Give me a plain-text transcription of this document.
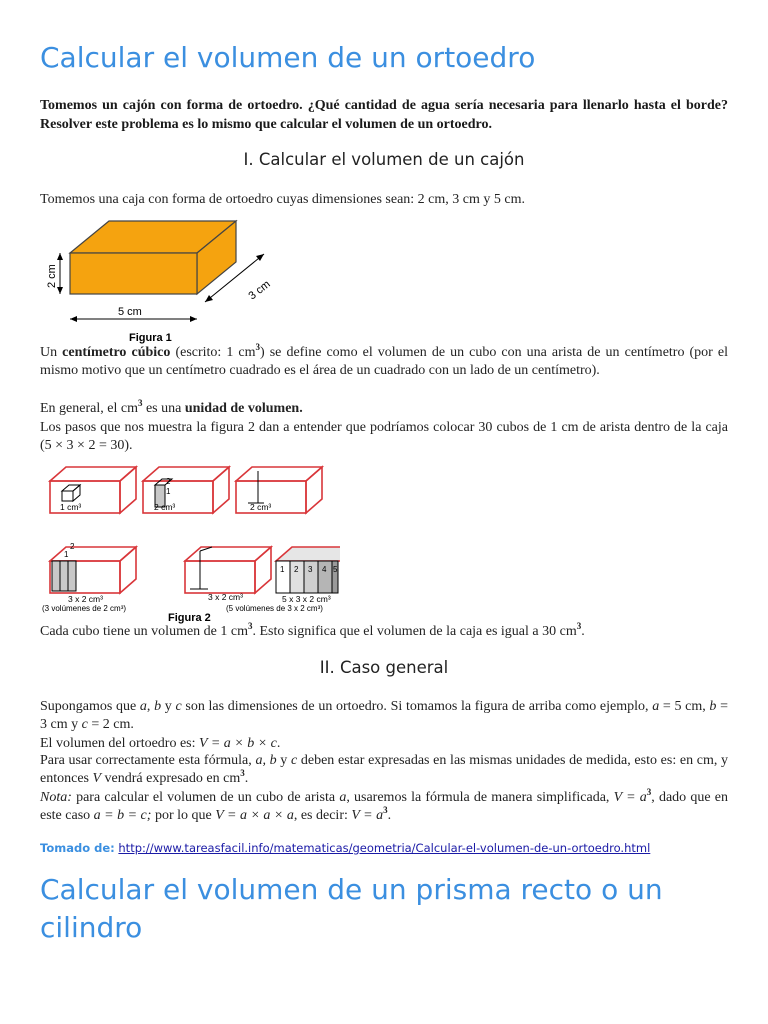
Calcular el volumen de un ortoedro
Tomemos un cajón con forma de ortoedro. ¿Qué cantidad de agua sería necesaria para llenarlo hasta el borde? Resolver este problema es lo mismo que calcular el volumen de un ortoedro.
I. Calcular el volumen de un cajón

Tomemos una caja con forma de ortoedro cuyas dimensiones sean: 2 cm, 3 cm y 5 cm.

2 cm
3 cm
5 cm
Figura 1

Un centímetro cúbico (escrito: 1 $cm^3$) se define como el volumen de un cubo con una arista de un centímetro (por el mismo motivo que un centímetro cuadrado es el área de un cuadrado con un lado de un centímetro).

En general, el $cm^3$ es una unidad de volumen.

Los pasos que nos muestra la figura 2 dan a entender que podríamos colocar 30 cubos de 1 cm de arista dentro de la caja (5 × 3 × 2 = 30).

1 cm³
2
1
2 cm³	2 cm³
2
1
3 x 2 cm³
(3 volúmenes de 2 cm³)
3 x 2 cm³
1 2 3 4 5
5 x 3 x 2 cm³
(5 volúmenes de 3 x 2 cm³)
Figura 2

Cada cubo tiene un volumen de 1 $cm^3$. Esto significa que el volumen de la caja es igual a 30 $cm^3$.

II. Caso general

Supongamos que a, b y c son las dimensiones de un ortoedro. Si tomamos la figura de arriba como ejemplo, a = 5 cm, b = 3 cm y c = 2 cm.

El volumen del ortoedro es: V = a × b × c.

Para usar correctamente esta fórmula, a, b y c deben estar expresadas en las mismas unidades de medida, esto es: en cm, y entonces V vendrá expresado en $cm^3$.

Nota: para calcular el volumen de un cubo de arista a, usaremos la fórmula de manera simplificada, $V = a^3$, dado que en este caso a = b = c; por lo que V = a × a × a, es decir: $V = a^3$.

Tomado de: http://www.tareasfacil.info/matematicas/geometria/Calcular-el-volumen-de-un-ortoedro.html
Calcular el volumen de un prisma recto o un cilindro
